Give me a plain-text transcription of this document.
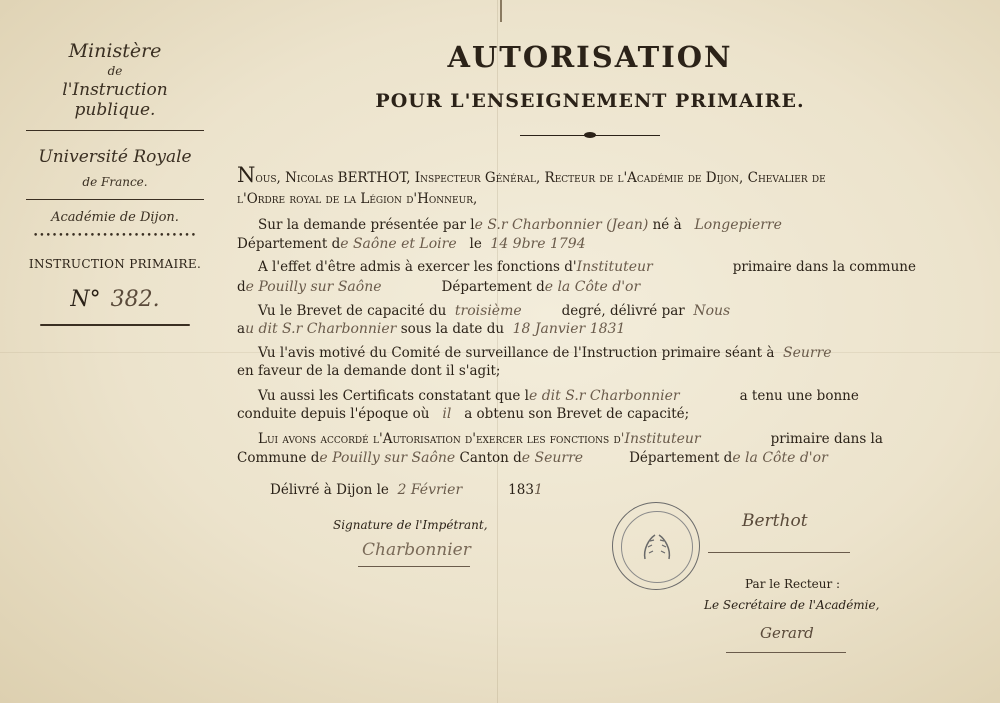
Ministère
de
l'Instruction publique.
Université Royale
de France.
Académie de Dijon.
••••••••••••••••••••••••••
INSTRUCTION PRIMAIRE.
N° 382.
AUTORISATION
POUR L'ENSEIGNEMENT PRIMAIRE.
Nous, Nicolas BERTHOT, Inspecteur Général, Recteur de l'Académie de Dijon, Chevalier de
l'Ordre royal de la Légion d'Honneur,
Sur la demande présentée par le S.r Charbonnier (Jean) né à Longepierre
Département de Saône et Loire le 14 9bre 1794
A l'effet d'être admis à exercer les fonctions d'Instituteur	primaire dans la commune
de Pouilly sur Saône	Département de la Côte d'or
Vu le Brevet de capacité du troisième	degré, délivré par Nous
au dit S.r Charbonnier sous la date du 18 Janvier 1831
Vu l'avis motivé du Comité de surveillance de l'Instruction primaire séant à Seurre
en faveur de la demande dont il s'agit;
Vu aussi les Certificats constatant que le dit S.r Charbonnier	a tenu une bonne
conduite depuis l'époque où il a obtenu son Brevet de capacité;
Lui avons accordé l'Autorisation d'exercer les fonctions d'Instituteur	primaire dans la
Commune de Pouilly sur Saône Canton de Seurre	Département de la Côte d'or
Délivré à Dijon le 2 Février	1831
Signature de l'Impétrant,
Charbonnier
Berthot
Par le Recteur :
Le Secrétaire de l'Académie,
Gerard
